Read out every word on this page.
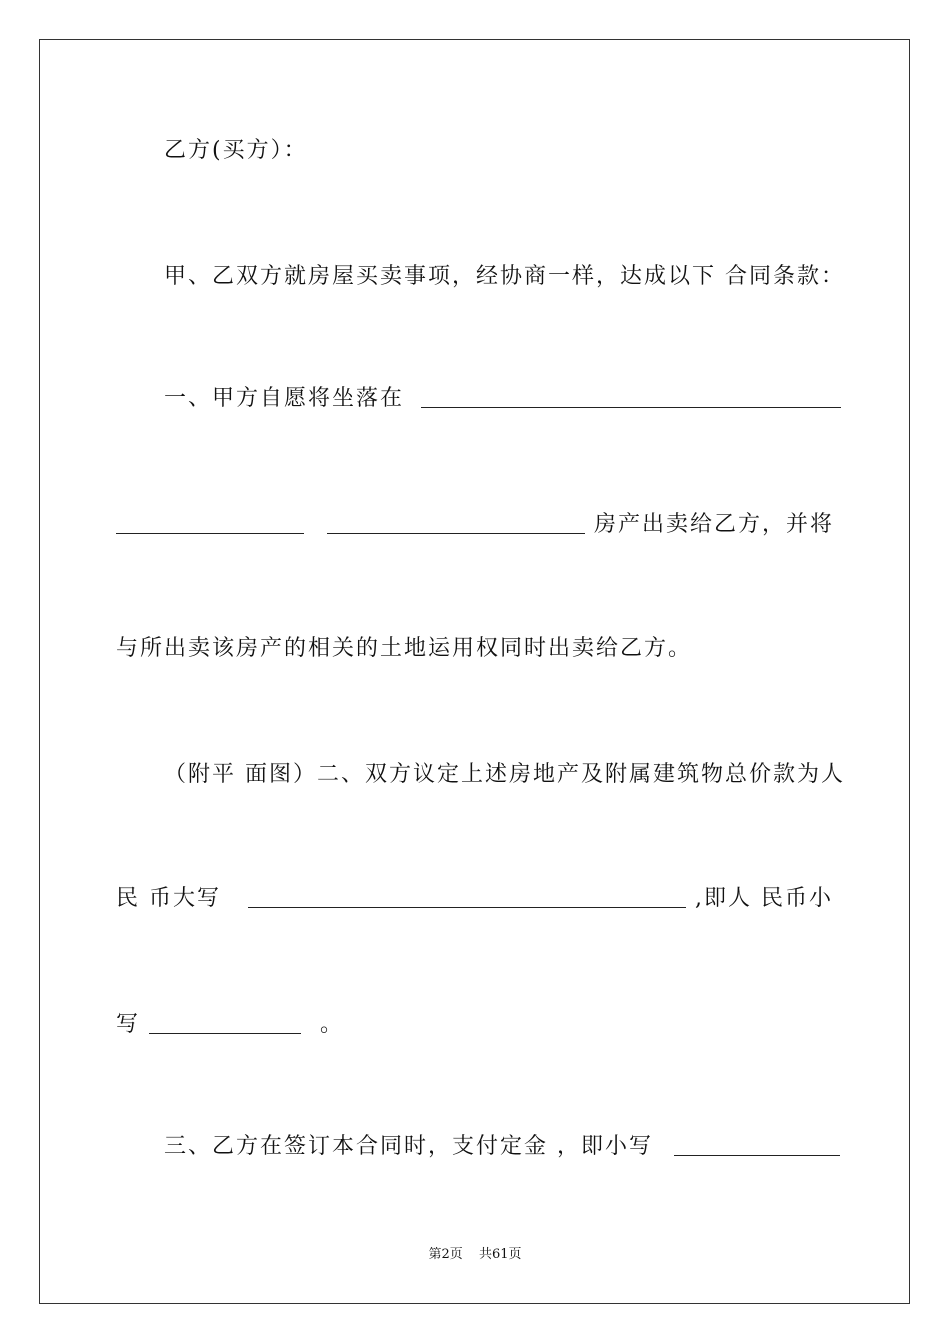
乙方(买方）：
甲、乙双方就房屋买卖事项，经协商一样，达成以下 合同条款：
一、甲方自愿将坐落在
房产出卖给乙方，并将
与所出卖该房产的相关的土地运用权同时出卖给乙方。
（附平 面图）二、双方议定上述房地产及附属建筑物总价款为人
民 币大写	,即人 民币小
写	。
三、乙方在签订本合同时，支付定金 ，即小写
第2页 共61页
